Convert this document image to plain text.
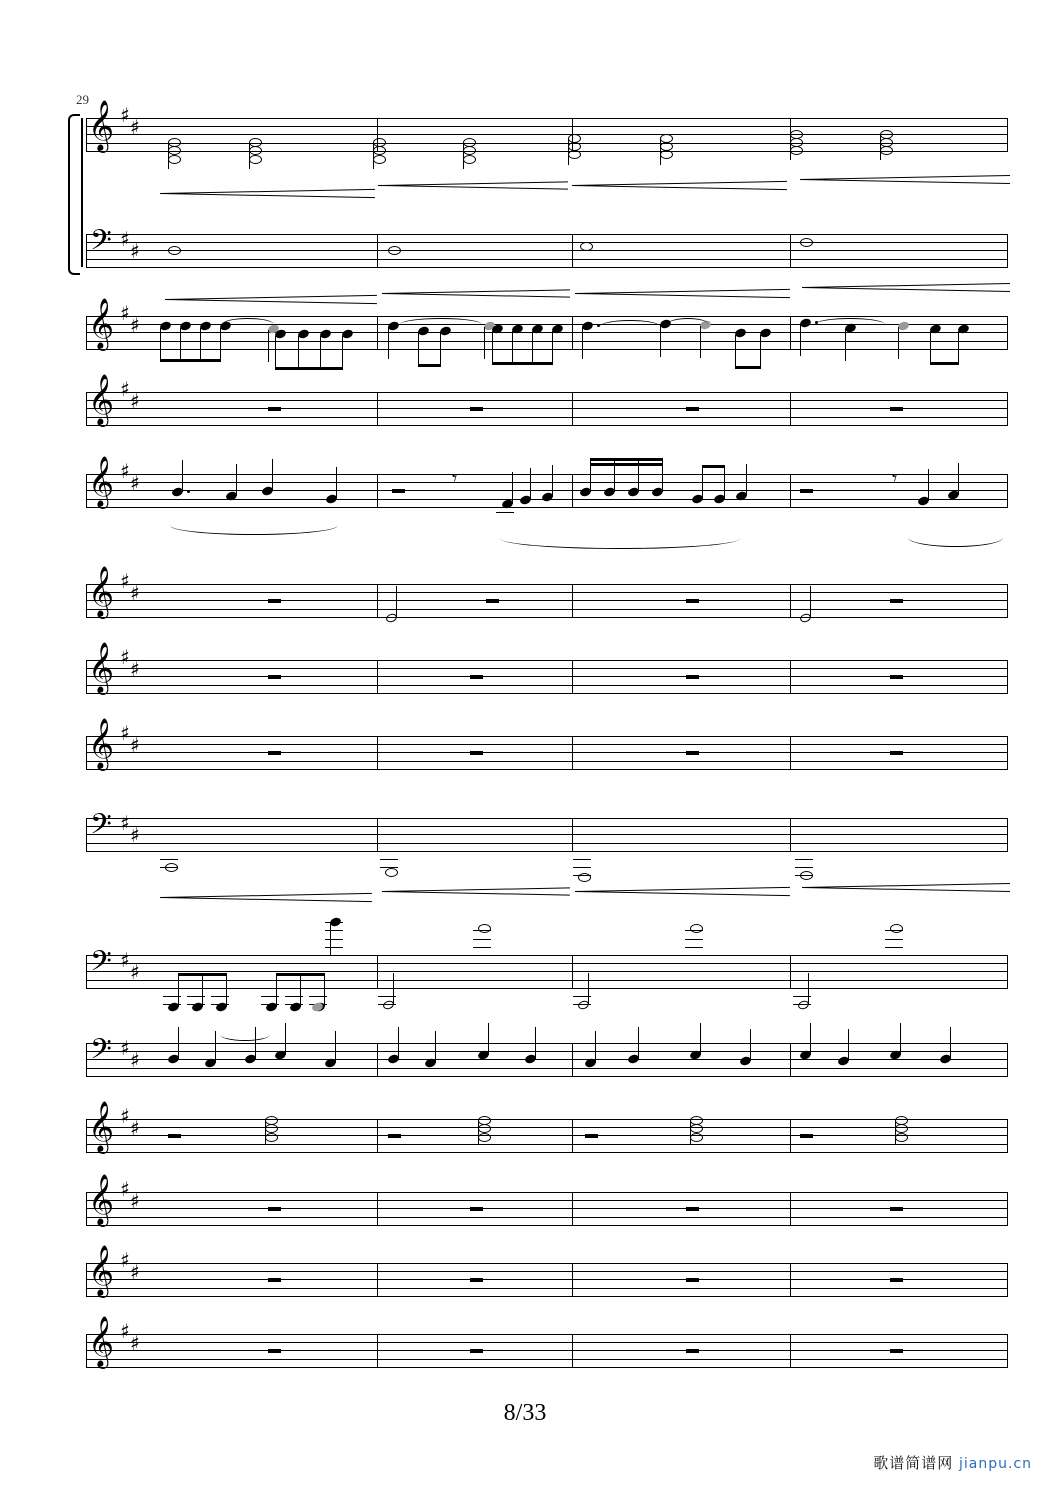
29
𝄞 ♯
♯
𝄢 ♯
♯
𝄞 ♯
♯
𝄞 ♯
♯
𝄞 ♯
♯
𝄞 ♯
♯
𝄞 ♯
♯
𝄞 ♯
♯
𝄢 ♯
♯
𝄢 ♯
♯
𝄢 ♯
♯
𝄞 ♯
♯
𝄞 ♯
♯
𝄞 ♯
♯
𝄞 ♯
♯
𝄾	𝄾
8/33
歌谱简谱网 jianpu.cn
